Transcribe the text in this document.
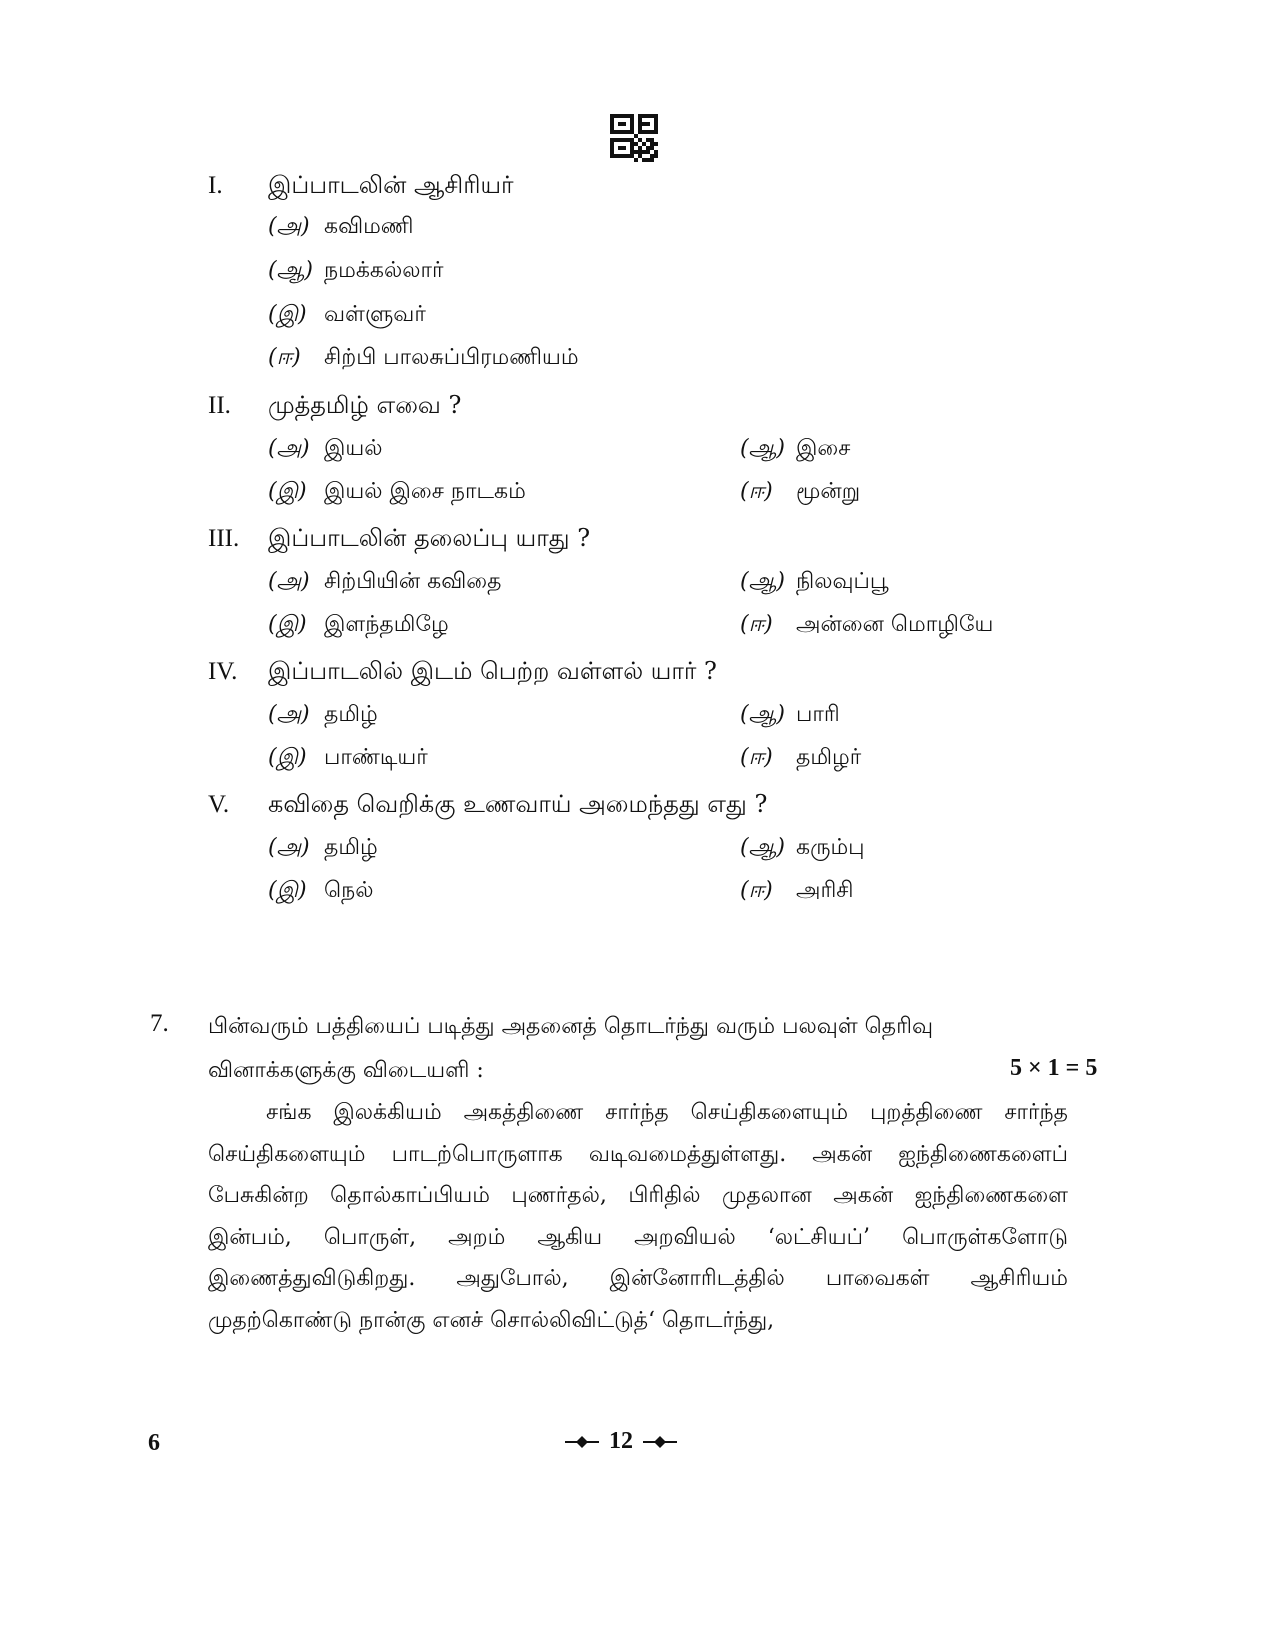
I. இப்பாடலின் ஆசிரியர்
(அ) கவிமணி
(ஆ) நமக்கல்லார்
(இ) வள்ளுவர்
(ஈ) சிற்பி பாலசுப்பிரமணியம்
II. முத்தமிழ் எவை ?
(அ) இயல்	(ஆ) இசை
(இ) இயல் இசை நாடகம்	(ஈ) மூன்று
III. இப்பாடலின் தலைப்பு யாது ?
(அ) சிற்பியின் கவிதை	(ஆ) நிலவுப்பூ
(இ) இளந்தமிழே	(ஈ) அன்னை மொழியே
IV. இப்பாடலில் இடம் பெற்ற வள்ளல் யார் ?
(அ) தமிழ்	(ஆ) பாரி
(இ) பாண்டியர்	(ஈ) தமிழர்
V. கவிதை வெறிக்கு உணவாய் அமைந்தது எது ?
(அ) தமிழ்	(ஆ) கரும்பு
(இ) நெல்	(ஈ) அரிசி
7. பின்வரும் பத்தியைப் படித்து அதனைத் தொடர்ந்து வரும் பலவுள் தெரிவு வினாக்களுக்கு விடையளி :	5 × 1 = 5

சங்க இலக்கியம் அகத்திணை சார்ந்த செய்திகளையும் புறத்திணை சார்ந்த செய்திகளையும் பாடற்பொருளாக வடிவமைத்துள்ளது. அகன் ஐந்திணைகளைப் பேசுகின்ற தொல்காப்பியம் புணர்தல், பிரிதில் முதலான அகன் ஐந்திணைகளை இன்பம், பொருள், அறம் ஆகிய அறவியல் ‘லட்சியப்’ பொருள்களோடு இணைத்துவிடுகிறது. அதுபோல், இன்னோரிடத்தில் பாவைகள் ஆசிரியம் முதற்கொண்டு நான்கு எனச் சொல்லிவிட்டுத்‘ தொடர்ந்து,

6	12
